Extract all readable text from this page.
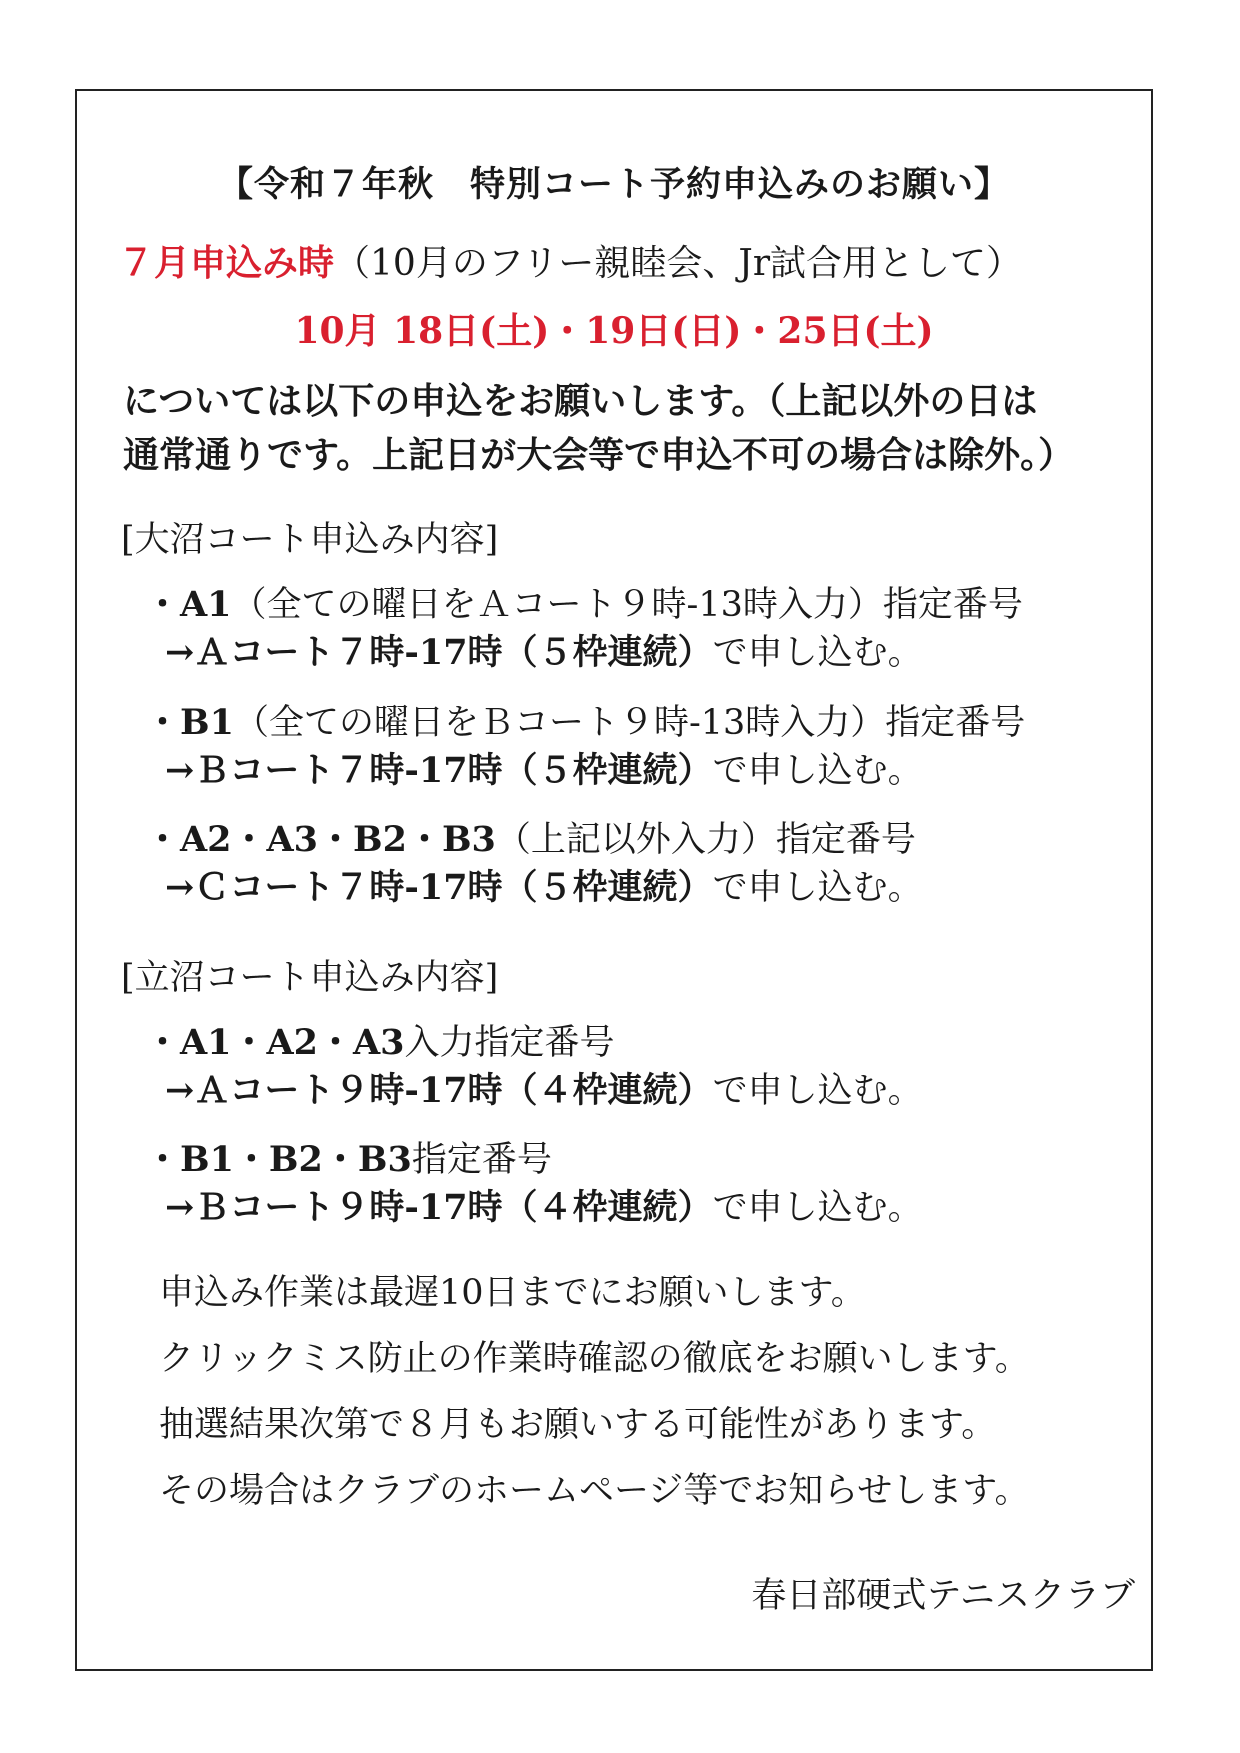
【令和７年秋　特別コート予約申込みのお願い】
７月申込み時（10月のフリー親睦会、Jr試合用として）
10月 18日(土)・19日(日)・25日(土)
については以下の申込をお願いします。（上記以外の日は
通常通りです。上記日が大会等で申込不可の場合は除外。）
[大沼コート申込み内容]
・A1（全ての曜日をＡコート９時-13時入力）指定番号
→Ａコート７時-17時（５枠連続）で申し込む。
・B1（全ての曜日をＢコート９時-13時入力）指定番号
→Ｂコート７時-17時（５枠連続）で申し込む。
・A2・A3・B2・B3（上記以外入力）指定番号
→Ｃコート７時-17時（５枠連続）で申し込む。
[立沼コート申込み内容]
・A1・A2・A3入力指定番号
→Ａコート９時-17時（４枠連続）で申し込む。
・B1・B2・B3指定番号
→Ｂコート９時-17時（４枠連続）で申し込む。
申込み作業は最遅10日までにお願いします。
クリックミス防止の作業時確認の徹底をお願いします。
抽選結果次第で８月もお願いする可能性があります。
その場合はクラブのホームページ等でお知らせします。
春日部硬式テニスクラブ
